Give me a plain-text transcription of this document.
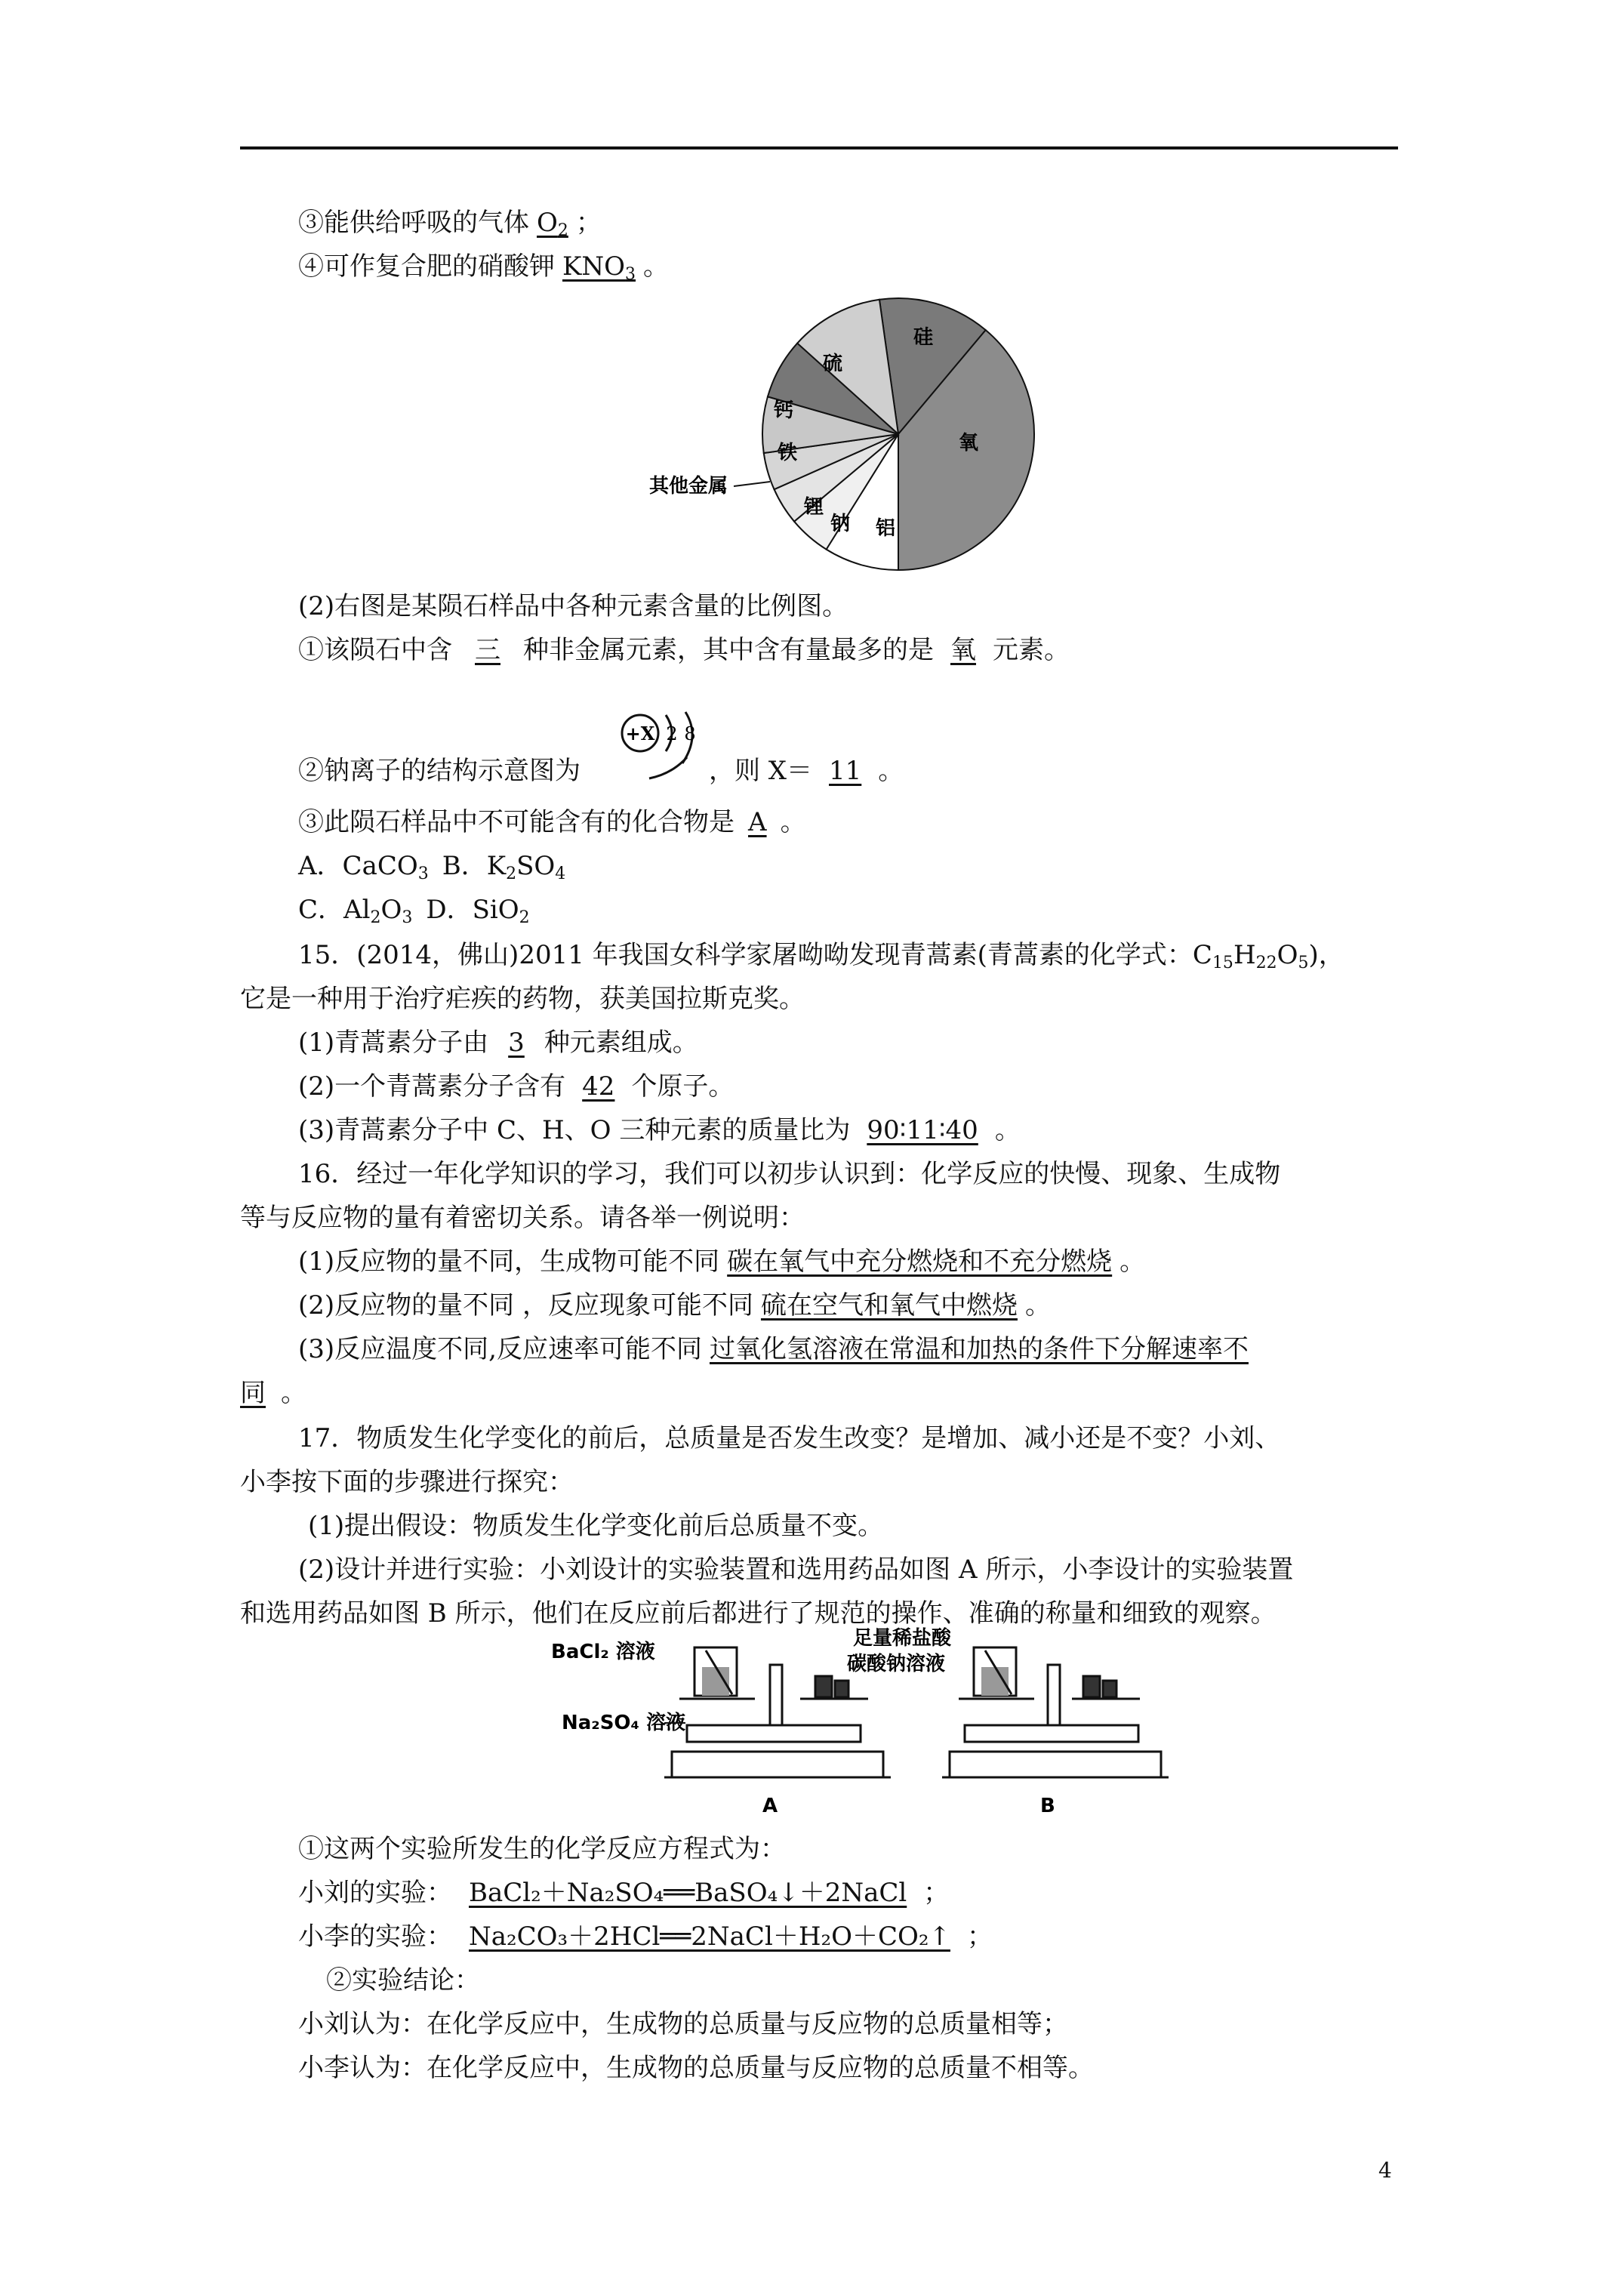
③能供给呼吸的气体 $O_2$ ；
④可作复合肥的硝酸钾 $KNO_3$ 。
硅
氧
铝
钠
锂
其他金属
铁
钙
硫
(2)右图是某陨石样品中各种元素含量的比例图。
①该陨石中含 三 种非金属元素，其中含有量最多的是 氧 元素。
+X 2 8
②钠离子的结构示意图为	，则 X＝ 11 。
③此陨石样品中不可能含有的化合物是 A 。
A．CaCO$_3$ B．$K_2SO_4$
C．$Al_2O_3$ D．SiO$_2$
15．(2014，佛山)2011 年我国女科学家屠呦呦发现青蒿素(青蒿素的化学式：$C_{15}H_{22}O_5$)，
它是一种用于治疗疟疾的药物，获美国拉斯克奖。
(1)青蒿素分子由 3 种元素组成。
(2)一个青蒿素分子含有 42 个原子。
(3)青蒿素分子中 C、H、O 三种元素的质量比为 90∶11∶40 。
16．经过一年化学知识的学习，我们可以初步认识到：化学反应的快慢、现象、生成物
等与反应物的量有着密切关系。请各举一例说明：
(1)反应物的量不同，生成物可能不同 碳在氧气中充分燃烧和不充分燃烧 。
(2)反应物的量不同 ，反应现象可能不同 硫在空气和氧气中燃烧 。
(3)反应温度不同,反应速率可能不同 过氧化氢溶液在常温和加热的条件下分解速率不
同 。
17．物质发生化学变化的前后，总质量是否发生改变？是增加、减小还是不变？小刘、
小李按下面的步骤进行探究：
(1)提出假设：物质发生化学变化前后总质量不变。
(2)设计并进行实验：小刘设计的实验装置和选用药品如图 A 所示，小李设计的实验装置
和选用药品如图 B 所示，他们在反应前后都进行了规范的操作、准确的称量和细致的观察。
BaCl₂ 溶液
Na₂SO₄ 溶液
足量稀盐酸
碳酸钠溶液
A	B
①这两个实验所发生的化学反应方程式为：
小刘的实验： BaCl₂＋Na₂SO₄══BaSO₄↓＋2NaCl ；
小李的实验： Na₂CO₃＋2HCl══2NaCl＋H₂O＋CO₂↑ ；
②实验结论：
小刘认为：在化学反应中，生成物的总质量与反应物的总质量相等；
小李认为：在化学反应中，生成物的总质量与反应物的总质量不相等。
4
